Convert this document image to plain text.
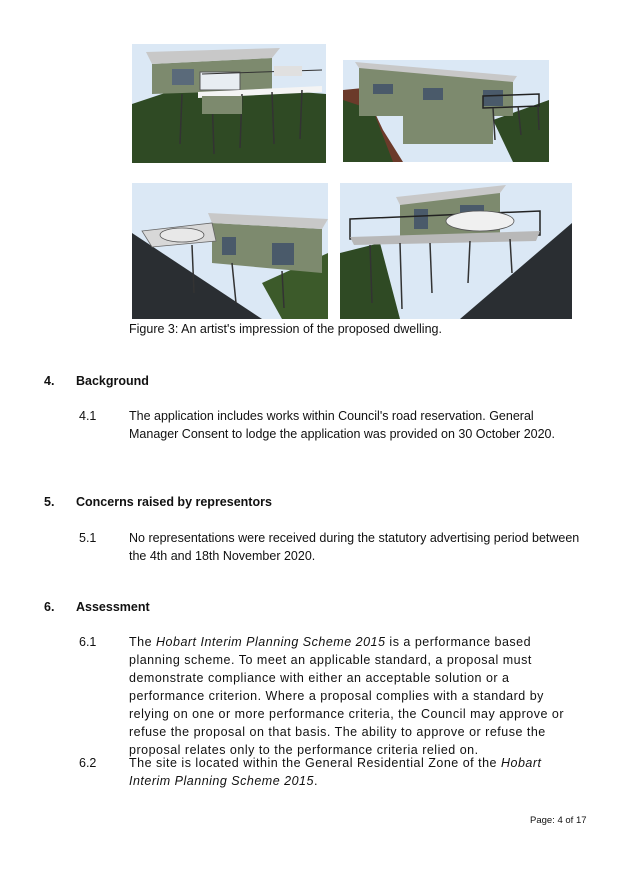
Figure 3: An artist's impression of the proposed dwelling.
4. Background
4.1	The application includes works within Council's road reservation. General Manager Consent to lodge the application was provided on 30 October 2020.
5. Concerns raised by representors
5.1	No representations were received during the statutory advertising period between the 4th and 18th November 2020.
6. Assessment
6.1	The Hobart Interim Planning Scheme 2015 is a performance based planning scheme. To meet an applicable standard, a proposal must demonstrate compliance with either an acceptable solution or a performance criterion. Where a proposal complies with a standard by relying on one or more performance criteria, the Council may approve or refuse the proposal on that basis. The ability to approve or refuse the proposal relates only to the performance criteria relied on.
6.2	The site is located within the General Residential Zone of the Hobart Interim Planning Scheme 2015.
Page: 4 of 17
